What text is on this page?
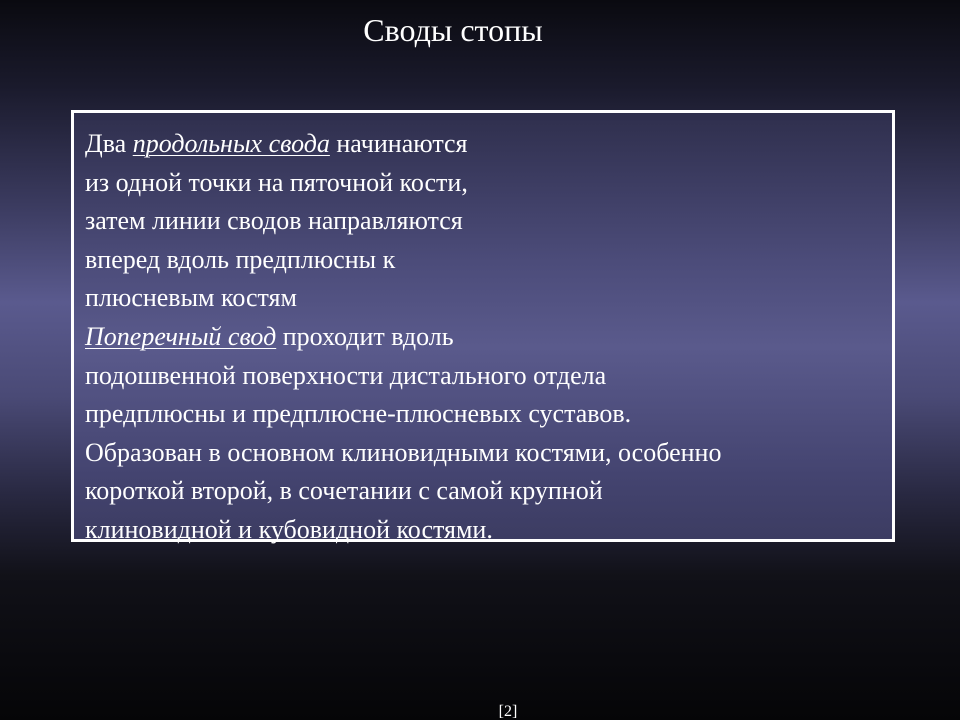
Своды стопы
Два продольных свода начинаются
из одной точки на пяточной кости,
затем линии сводов направляются
вперед вдоль предплюсны к
плюсневым костям
Поперечный свод проходит вдоль
подошвенной поверхности дистального отдела
предплюсны и предплюсне-плюсневых суставов.
Образован в основном клиновидными костями, особенно
короткой второй, в сочетании с самой крупной
клиновидной и кубовидной костями.
[2]
